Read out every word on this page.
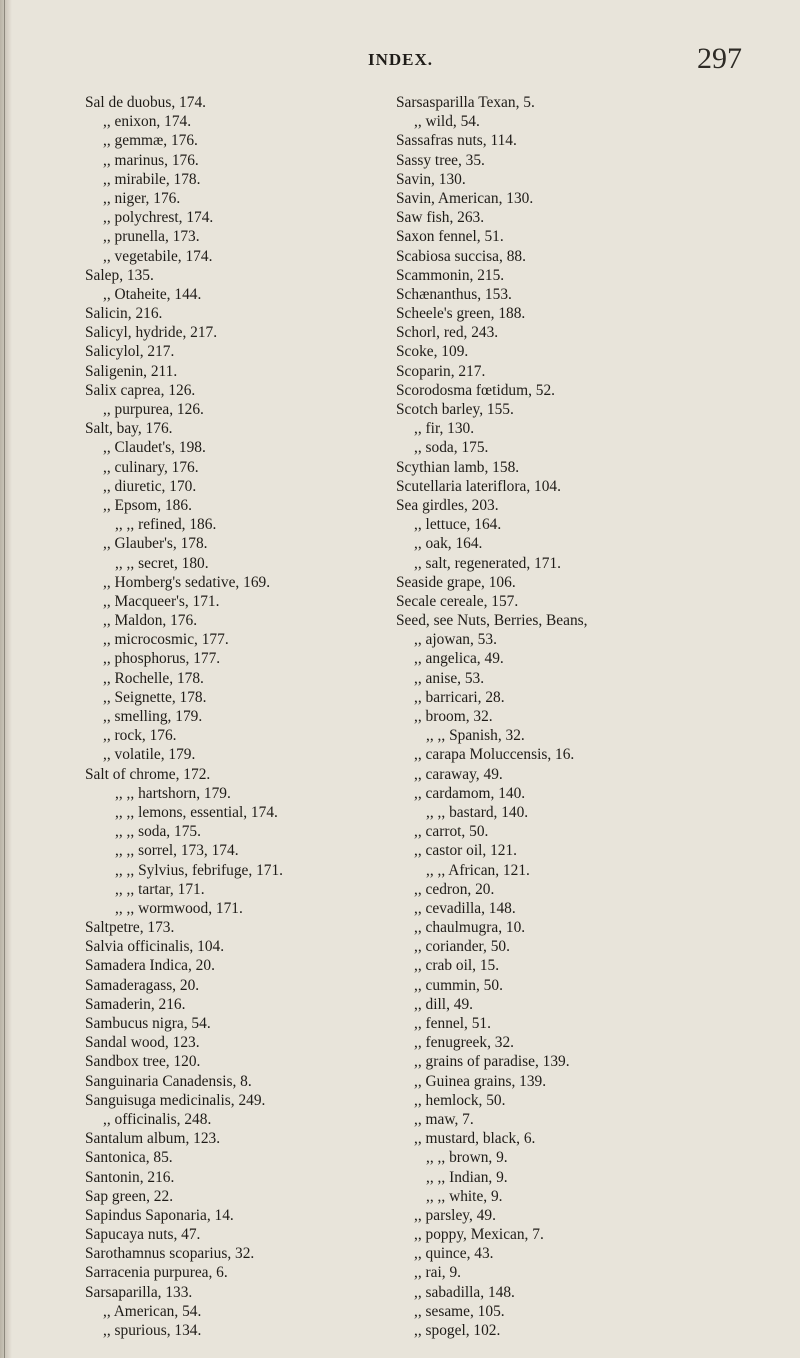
INDEX.	297
Sal de duobus, 174.
,, enixon, 174.
,, gemmæ, 176.
,, marinus, 176.
,, mirabile, 178.
,, niger, 176.
,, polychrest, 174.
,, prunella, 173.
,, vegetabile, 174.
Salep, 135.
,, Otaheite, 144.
Salicin, 216.
Salicyl, hydride, 217.
Salicylol, 217.
Saligenin, 211.
Salix caprea, 126.
,, purpurea, 126.
Salt, bay, 176.
,, Claudet's, 198.
,, culinary, 176.
,, diuretic, 170.
,, Epsom, 186.
,, ,, refined, 186.
,, Glauber's, 178.
,, ,, secret, 180.
,, Homberg's sedative, 169.
,, Macqueer's, 171.
,, Maldon, 176.
,, microcosmic, 177.
,, phosphorus, 177.
,, Rochelle, 178.
,, Seignette, 178.
,, smelling, 179.
,, rock, 176.
,, volatile, 179.
Salt of chrome, 172.
,, ,, hartshorn, 179.
,, ,, lemons, essential, 174.
,, ,, soda, 175.
,, ,, sorrel, 173, 174.
,, ,, Sylvius, febrifuge, 171.
,, ,, tartar, 171.
,, ,, wormwood, 171.
Saltpetre, 173.
Salvia officinalis, 104.
Samadera Indica, 20.
Samaderagass, 20.
Samaderin, 216.
Sambucus nigra, 54.
Sandal wood, 123.
Sandbox tree, 120.
Sanguinaria Canadensis, 8.
Sanguisuga medicinalis, 249.
,, officinalis, 248.
Santalum album, 123.
Santonica, 85.
Santonin, 216.
Sap green, 22.
Sapindus Saponaria, 14.
Sapucaya nuts, 47.
Sarothamnus scoparius, 32.
Sarracenia purpurea, 6.
Sarsaparilla, 133.
,, American, 54.
,, spurious, 134.
Sarsasparilla Texan, 5.
,, wild, 54.
Sassafras nuts, 114.
Sassy tree, 35.
Savin, 130.
Savin, American, 130.
Saw fish, 263.
Saxon fennel, 51.
Scabiosa succisa, 88.
Scammonin, 215.
Schænanthus, 153.
Scheele's green, 188.
Schorl, red, 243.
Scoke, 109.
Scoparin, 217.
Scorodosma fœtidum, 52.
Scotch barley, 155.
,, fir, 130.
,, soda, 175.
Scythian lamb, 158.
Scutellaria lateriflora, 104.
Sea girdles, 203.
,, lettuce, 164.
,, oak, 164.
,, salt, regenerated, 171.
Seaside grape, 106.
Secale cereale, 157.
Seed, see Nuts, Berries, Beans,
,, ajowan, 53.
,, angelica, 49.
,, anise, 53.
,, barricari, 28.
,, broom, 32.
,, ,, Spanish, 32.
,, carapa Moluccensis, 16.
,, caraway, 49.
,, cardamom, 140.
,, ,, bastard, 140.
,, carrot, 50.
,, castor oil, 121.
,, ,, African, 121.
,, cedron, 20.
,, cevadilla, 148.
,, chaulmugra, 10.
,, coriander, 50.
,, crab oil, 15.
,, cummin, 50.
,, dill, 49.
,, fennel, 51.
,, fenugreek, 32.
,, grains of paradise, 139.
,, Guinea grains, 139.
,, hemlock, 50.
,, maw, 7.
,, mustard, black, 6.
,, ,, brown, 9.
,, ,, Indian, 9.
,, ,, white, 9.
,, parsley, 49.
,, poppy, Mexican, 7.
,, quince, 43.
,, rai, 9.
,, sabadilla, 148.
,, sesame, 105.
,, spogel, 102.
